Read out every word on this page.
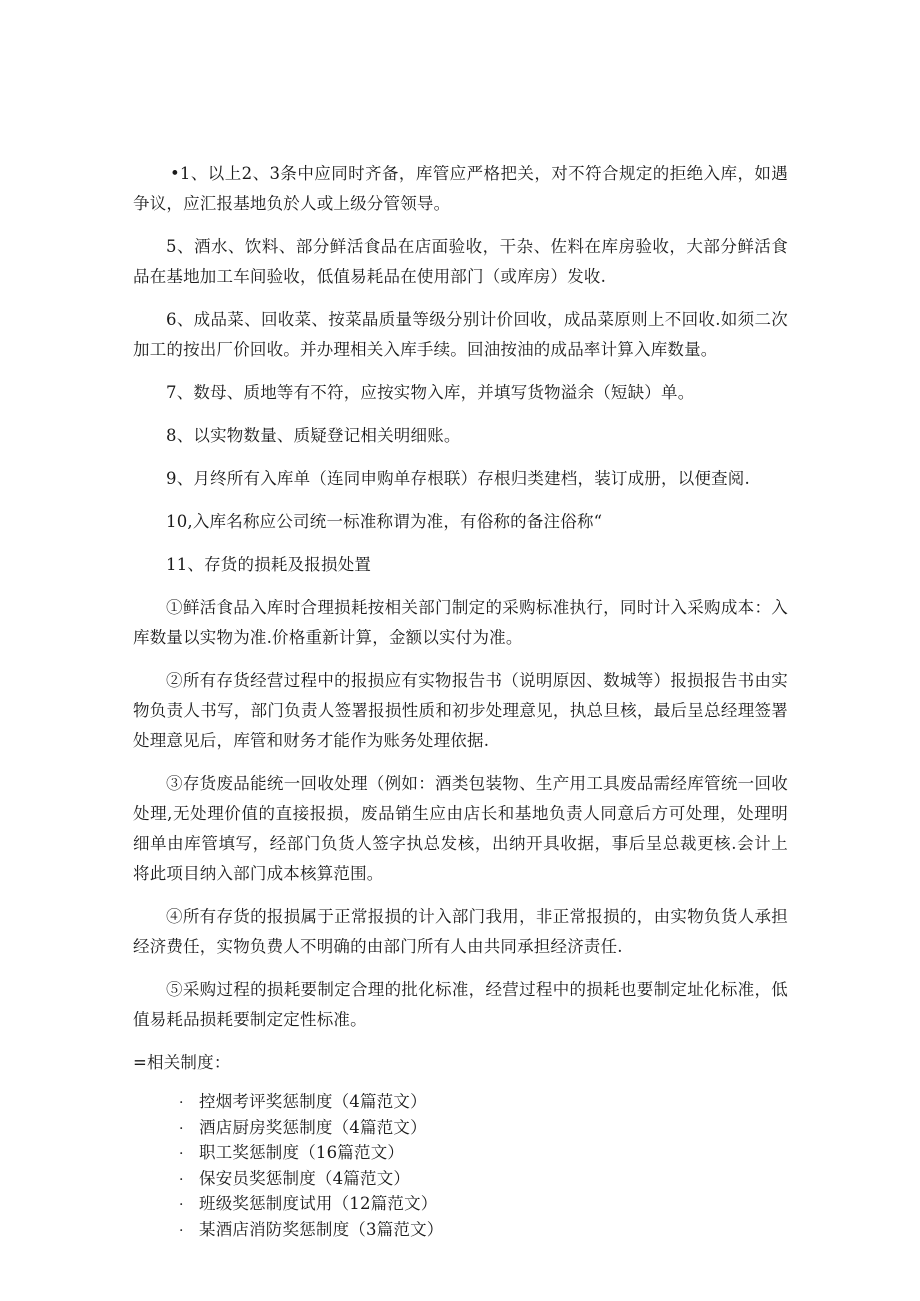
•1、以上2、3条中应同时齐备，库管应严格把关，对不符合规定的拒绝入库，如遇争议，应汇报基地负於人或上级分管领导。

5、酒水、饮料、部分鲜活食品在店面验收，干杂、佐料在库房验收，大部分鲜活食品在基地加工车间验收，低值易耗品在使用部门（或库房）发收.

6、成品菜、回收菜、按菜晶质量等级分别计价回收，成品菜原则上不回收.如须二次加工的按出厂价回收。并办理相关入库手续。回油按油的成品率计算入库数量。

7、数母、质地等有不符，应按实物入库，并填写货物溢余（短缺）单。

8、以实物数量、质疑登记相关明细账。

9、月终所有入库单（连同申购单存根联）存根归类建档，装订成册，以便查阅.

10,入库名称应公司统一标准称谓为准，有俗称的备注俗称“

11、存货的损耗及报损处置

①鲜活食品入库时合理损耗按相关部门制定的采购标准执行，同时计入采购成本：入库数量以实物为准.价格重新计算，金额以实付为准。

②所有存货经营过程中的报损应有实物报告书（说明原因、数城等）报损报告书由实物负责人书写，部门负责人签署报损性质和初步处理意见，执总旦核，最后呈总经理签署处理意见后，库管和财务才能作为账务处理依据.

③存货废品能统一回收处理（例如：酒类包装物、生产用工具废品需经库管统一回收处理,无处理价值的直接报损，废品销生应由店长和基地负责人同意后方可处理，处理明细单由库管填写，经部门负货人签字执总发核，出纳开具收据，事后呈总裁更核.会计上将此项目纳入部门成本核算范围。

④所有存货的报损属于正常报损的计入部门我用，非正常报损的，由实物负货人承担经济费任，实物负费人不明确的由部门所有人由共同承担经济责任.

⑤采购过程的损耗要制定合理的批化标准，经营过程中的损耗也要制定址化标准，低值易耗品损耗要制定定性标准。

=相关制度：
· 控烟考评奖惩制度（4篇范文）
· 酒店厨房奖惩制度（4篇范文）
· 职工奖惩制度（16篇范文）
· 保安员奖惩制度（4篇范文）
· 班级奖惩制度试用（12篇范文）
· 某酒店消防奖惩制度（3篇范文）
